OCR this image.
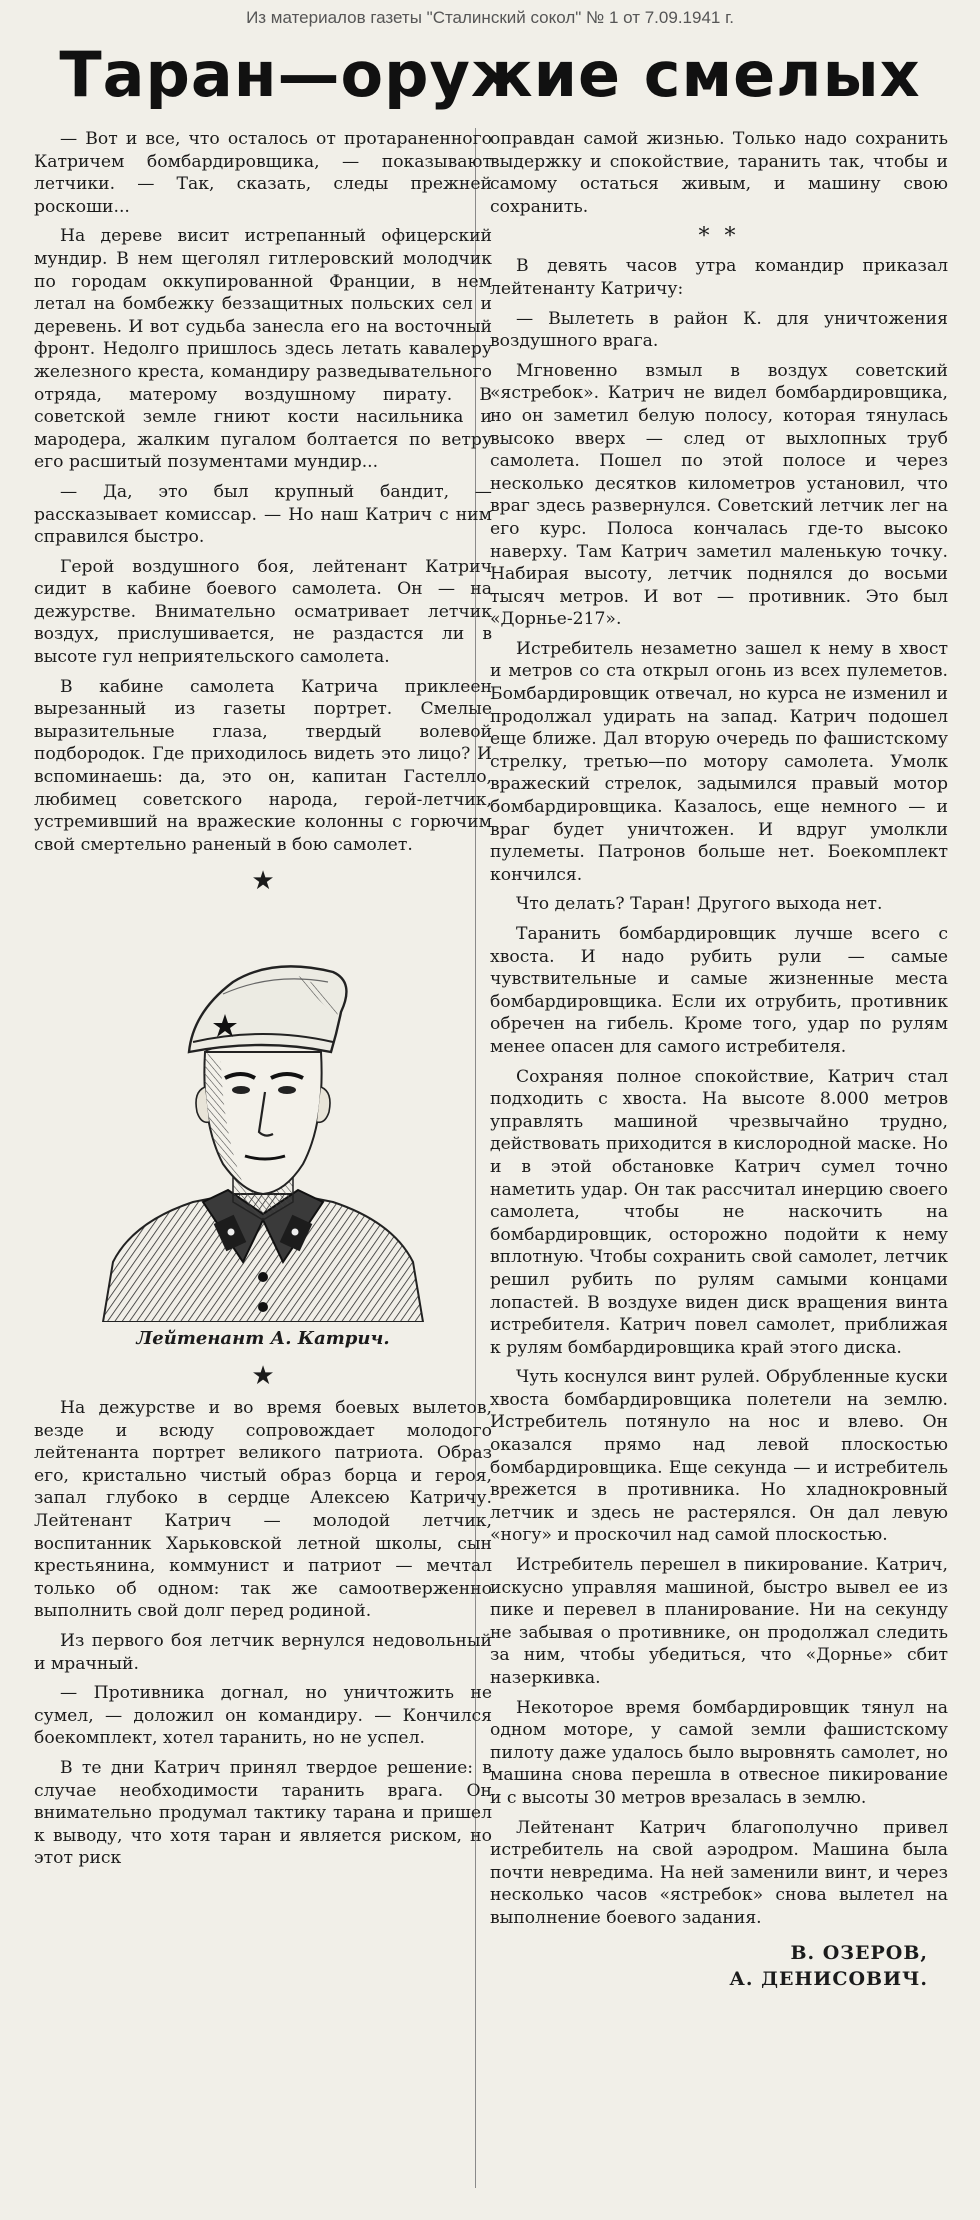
Из материалов газеты "Сталинский сокол" № 1 от 7.09.1941 г.
Таран—оружие смелых

— Вот и все, что осталось от протараненного Катричем бомбардировщика, — показывают летчики. — Так, сказать, следы прежней роскоши...

На дереве висит истрепанный офицерский мундир. В нем щеголял гитлеровский молодчик по городам оккупированной Франции, в нем летал на бомбежку беззащитных польских сел и деревень. И вот судьба занесла его на восточный фронт. Недолго пришлось здесь летать кавалеру железного креста, командиру разведывательного отряда, матерому воздушному пирату. В советской земле гниют кости насильника и мародера, жалким пугалом болтается по ветру его расшитый позументами мундир...

— Да, это был крупный бандит, — рассказывает комиссар. — Но наш Катрич с ним справился быстро.

Герой воздушного боя, лейтенант Катрич сидит в кабине боевого самолета. Он — на дежурстве. Внимательно осматривает летчик воздух, прислушивается, не раздастся ли в высоте гул неприятельского самолета.

В кабине самолета Катрича приклеен вырезанный из газеты портрет. Смелые выразительные глаза, твердый волевой подбородок. Где приходилось видеть это лицо? И вспоминаешь: да, это он, капитан Гастелло, любимец советского народа, герой-летчик, устремивший на вражеские колонны с горючим свой смертельно раненый в бою самолет.

★
Лейтенант А. Катрич.
★

На дежурстве и во время боевых вылетов, везде и всюду сопровождает молодого лейтенанта портрет великого патриота. Образ его, кристально чистый образ борца и героя, запал глубоко в сердце Алексею Катричу. Лейтенант Катрич — молодой летчик, воспитанник Харьковской летной школы, сын крестьянина, коммунист и патриот — мечтал только об одном: так же самоотверженно выполнить свой долг перед родиной.

Из первого боя летчик вернулся недовольный и мрачный.

— Противника догнал, но уничтожить не сумел, — доложил он командиру. — Кончился боекомплект, хотел таранить, но не успел.

В те дни Катрич принял твердое решение: в случае необходимости таранить врага. Он внимательно продумал тактику тарана и пришел к выводу, что хотя таран и является риском, но этот риск

оправдан самой жизнью. Только надо сохранить выдержку и спокойствие, таранить так, чтобы и самому остаться живым, и машину свою сохранить.

* *

В девять часов утра командир приказал лейтенанту Катричу:

— Вылететь в район К. для уничтожения воздушного врага.

Мгновенно взмыл в воздух советский «ястребок». Катрич не видел бомбардировщика, но он заметил белую полосу, которая тянулась высоко вверх — след от выхлопных труб самолета. Пошел по этой полосе и через несколько десятков километров установил, что враг здесь развернулся. Советский летчик лег на его курс. Полоса кончалась где-то высоко наверху. Там Катрич заметил маленькую точку. Набирая высоту, летчик поднялся до восьми тысяч метров. И вот — противник. Это был «Дорнье-217».

Истребитель незаметно зашел к нему в хвост и метров со ста открыл огонь из всех пулеметов. Бомбардировщик отвечал, но курса не изменил и продолжал удирать на запад. Катрич подошел еще ближе. Дал вторую очередь по фашистскому стрелку, третью—по мотору самолета. Умолк вражеский стрелок, задымился правый мотор бомбардировщика. Казалось, еще немного — и враг будет уничтожен. И вдруг умолкли пулеметы. Патронов больше нет. Боекомплект кончился.

Что делать? Таран! Другого выхода нет.

Таранить бомбардировщик лучше всего с хвоста. И надо рубить рули — самые чувствительные и самые жизненные места бомбардировщика. Если их отрубить, противник обречен на гибель. Кроме того, удар по рулям менее опасен для самого истребителя.

Сохраняя полное спокойствие, Катрич стал подходить с хвоста. На высоте 8.000 метров управлять машиной чрезвычайно трудно, действовать приходится в кислородной маске. Но и в этой обстановке Катрич сумел точно наметить удар. Он так рассчитал инерцию своего самолета, чтобы не наскочить на бомбардировщик, осторожно подойти к нему вплотную. Чтобы сохранить свой самолет, летчик решил рубить по рулям самыми концами лопастей. В воздухе виден диск вращения винта истребителя. Катрич повел самолет, приближая к рулям бомбардировщика край этого диска.

Чуть коснулся винт рулей. Обрубленные куски хвоста бомбардировщика полетели на землю. Истребитель потянуло на нос и влево. Он оказался прямо над левой плоскостью бомбардировщика. Еще секунда — и истребитель врежется в противника. Но хладнокровный летчик и здесь не растерялся. Он дал левую «ногу» и проскочил над самой плоскостью.

Истребитель перешел в пикирование. Катрич, искусно управляя машиной, быстро вывел ее из пике и перевел в планирование. Ни на секунду не забывая о противнике, он продолжал следить за ним, чтобы убедиться, что «Дорнье» сбит назеркивка.

Некоторое время бомбардировщик тянул на одном моторе, у самой земли фашистскому пилоту даже удалось было выровнять самолет, но машина снова перешла в отвесное пикирование и с высоты 30 метров врезалась в землю.

Лейтенант Катрич благополучно привел истребитель на свой аэродром. Машина была почти невредима. На ней заменили винт, и через несколько часов «ястребок» снова вылетел на выполнение боевого задания.

В. ОЗЕРОВ,
А. ДЕНИСОВИЧ.
